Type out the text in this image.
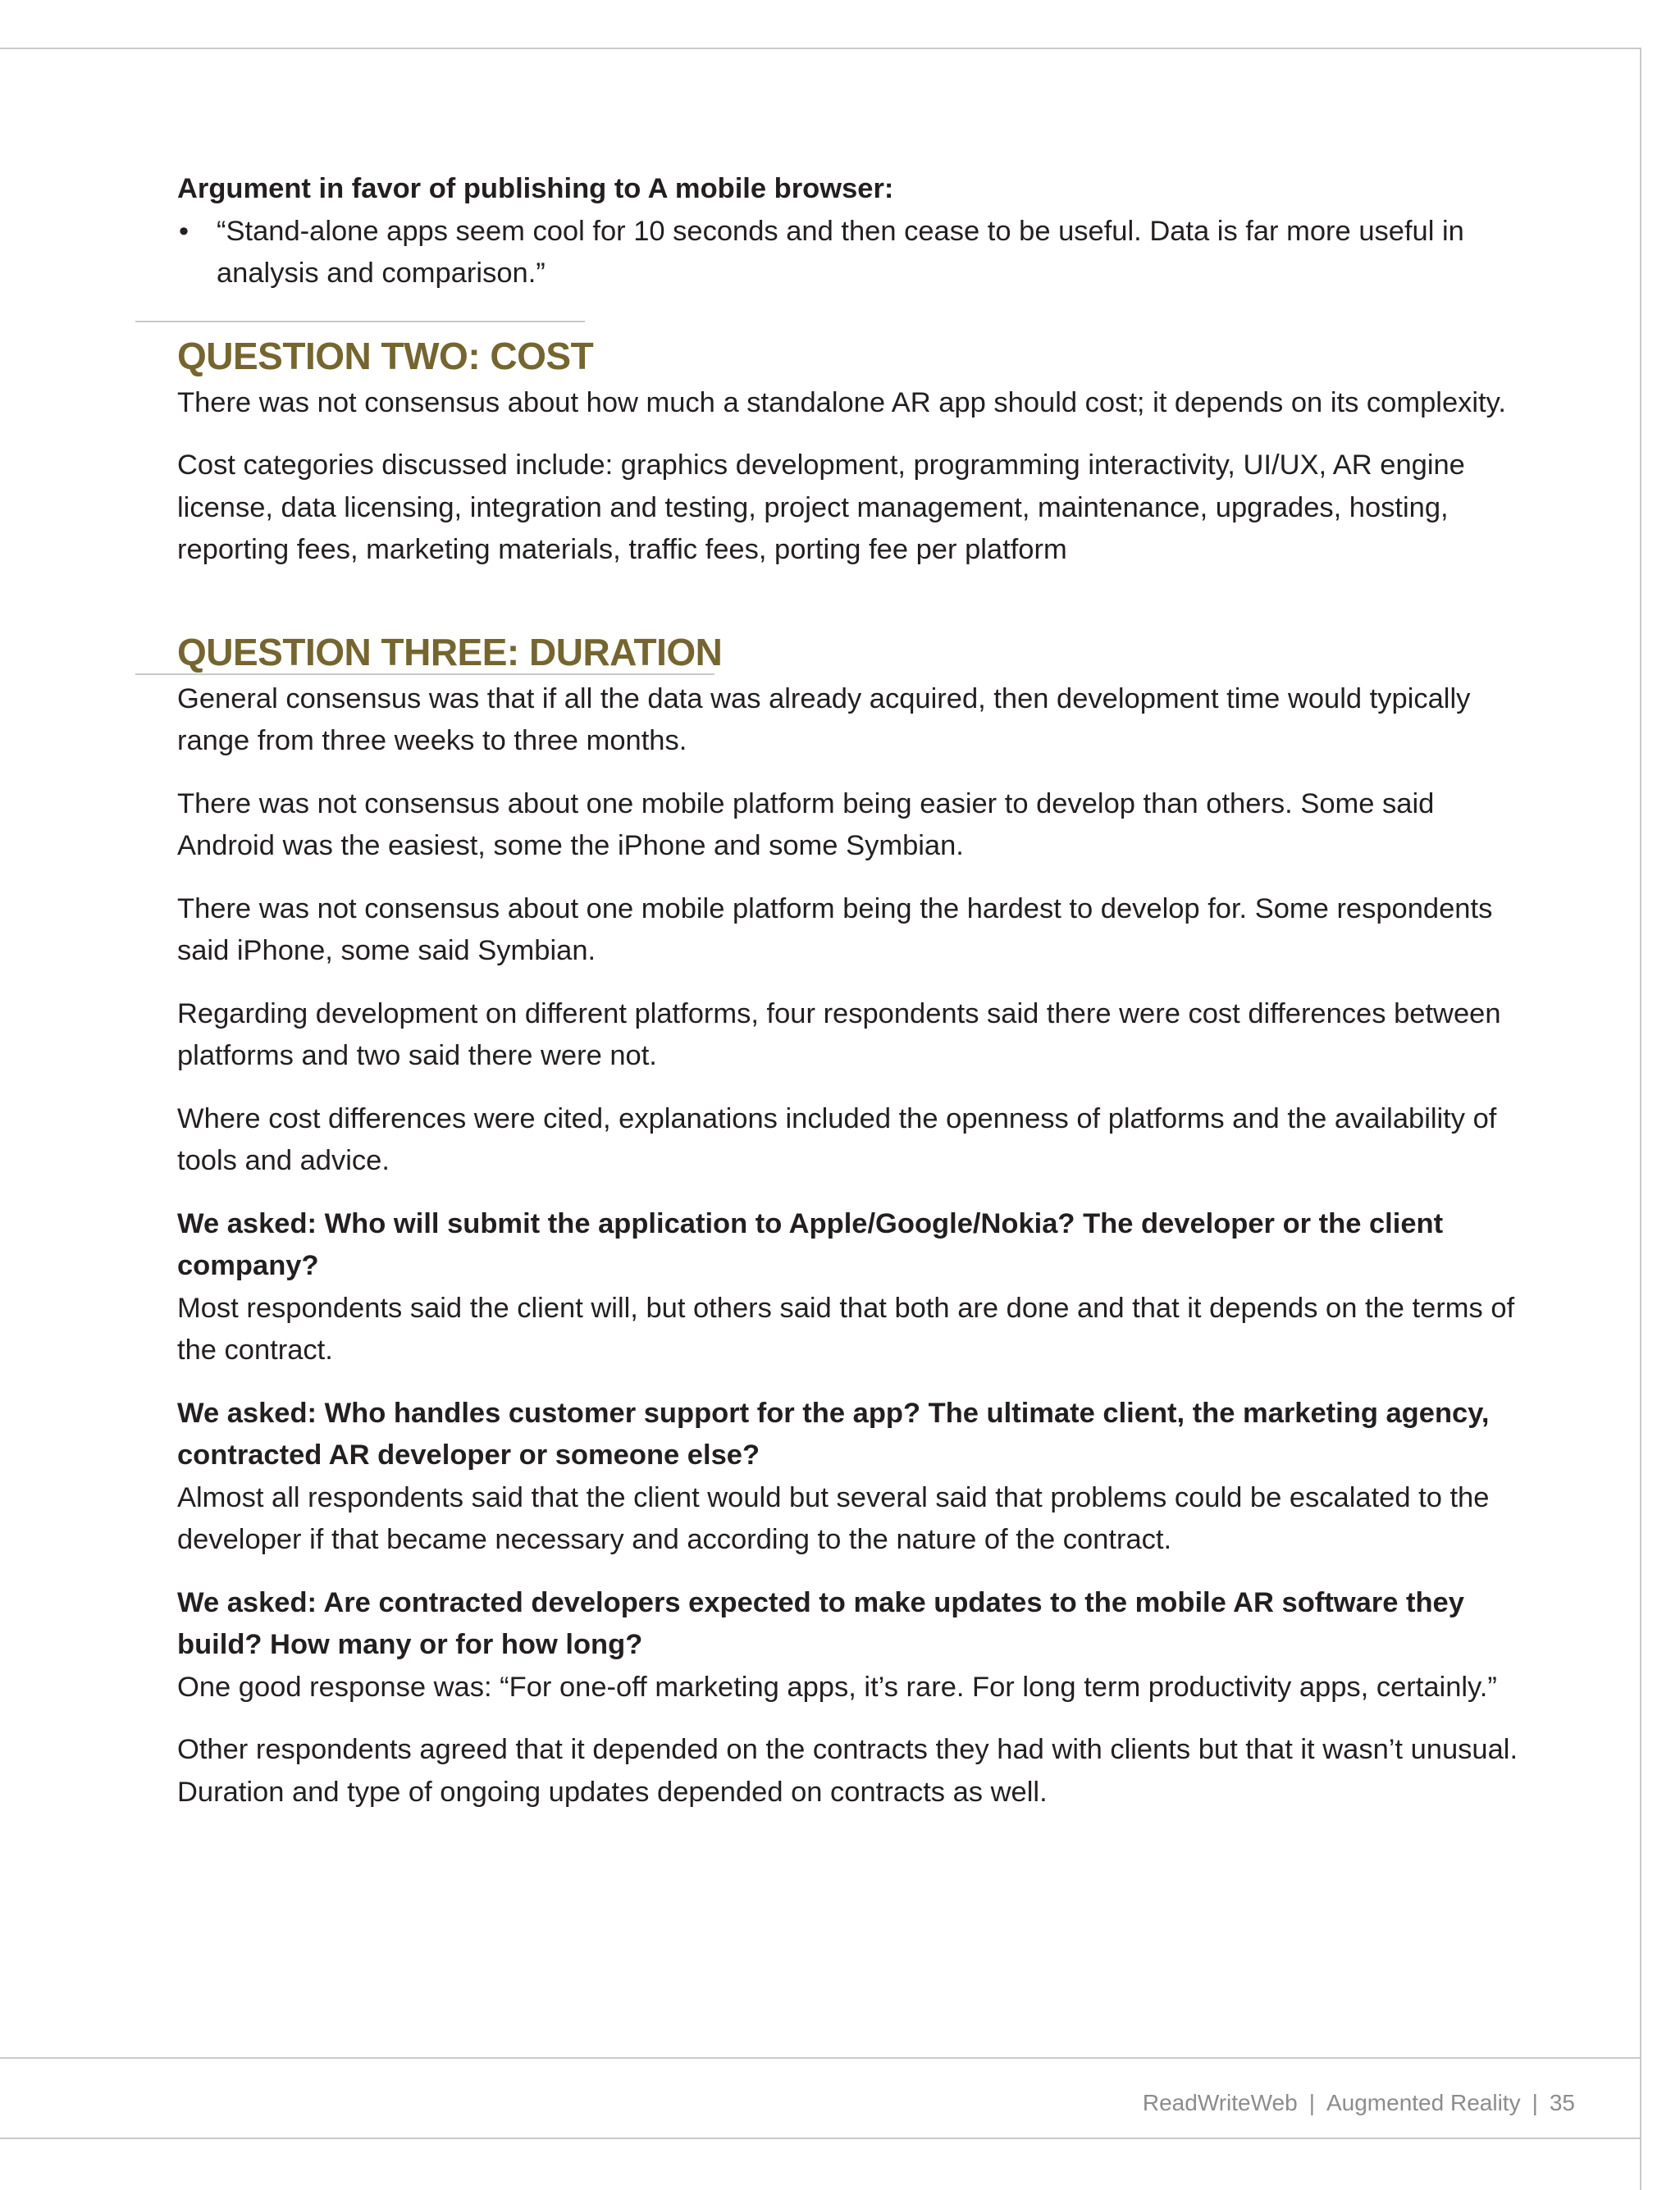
Argument in favor of publishing to A mobile browser:

• “Stand-alone apps seem cool for 10 seconds and then cease to be useful. Data is far more useful in analysis and comparison.”
QUESTION TWO: COST

There was not consensus about how much a standalone AR app should cost; it depends on its complexity.

Cost categories discussed include: graphics development, programming interactivity, UI/UX, AR engine license, data licensing, integration and testing, project management, maintenance, upgrades, hosting, reporting fees, marketing materials, traffic fees, porting fee per platform

QUESTION THREE: DURATION

General consensus was that if all the data was already acquired, then development time would typically range from three weeks to three months.

There was not consensus about one mobile platform being easier to develop than others. Some said Android was the easiest, some the iPhone and some Symbian.

There was not consensus about one mobile platform being the hardest to develop for. Some respondents said iPhone, some said Symbian.

Regarding development on different platforms, four respondents said there were cost differences between platforms and two said there were not.

Where cost differences were cited, explanations included the openness of platforms and the availability of tools and advice.

We asked: Who will submit the application to Apple/Google/Nokia? The developer or the client company?

Most respondents said the client will, but others said that both are done and that it depends on the terms of the contract.

We asked: Who handles customer support for the app? The ultimate client, the marketing agency, contracted AR developer or someone else?

Almost all respondents said that the client would but several said that problems could be escalated to the developer if that became necessary and according to the nature of the contract.

We asked: Are contracted developers expected to make updates to the mobile AR software they build? How many or for how long?

One good response was: “For one-off marketing apps, it’s rare. For long term productivity apps, certainly.”

Other respondents agreed that it depended on the contracts they had with clients but that it wasn’t unusual. Duration and type of ongoing updates depended on contracts as well.

ReadWriteWeb | Augmented Reality | 35
